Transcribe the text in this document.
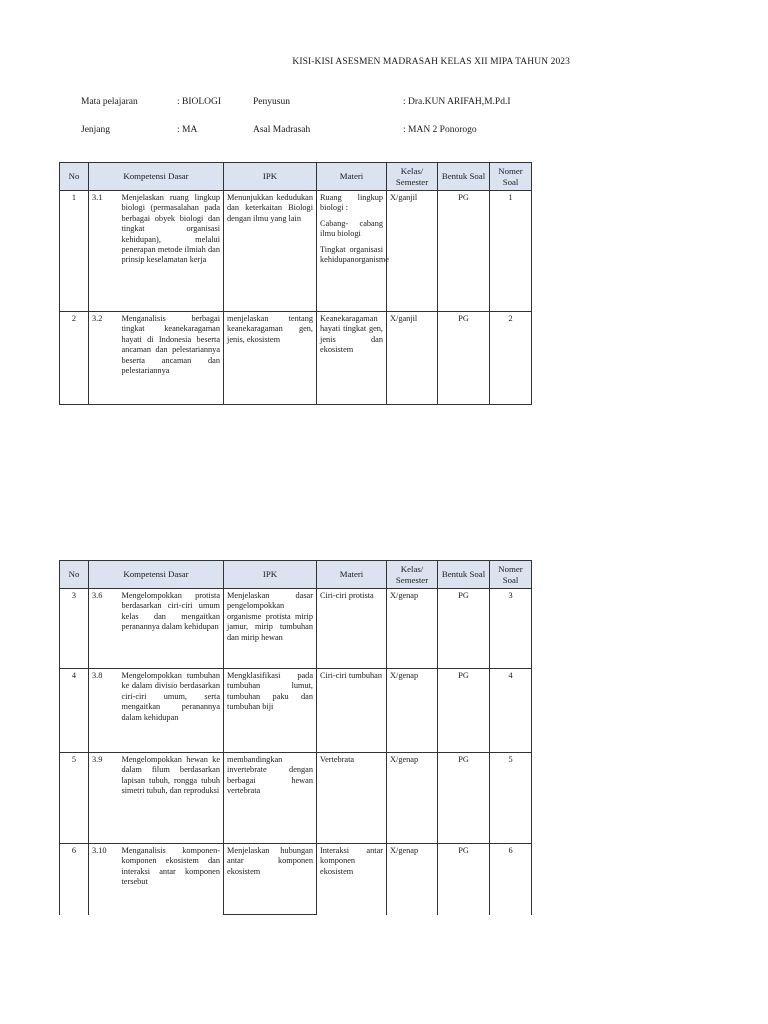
KISI-KISI ASESMEN MADRASAH KELAS XII MIPA TAHUN 2023
Mata pelajaran	: BIOLOGI	Penyusun	: Dra.KUN ARIFAH,M.Pd.I
Jenjang	: MA	Asal Madrasah	: MAN 2 Ponorogo
No	Kompetensi Dasar		IPK	Materi	Kelas/ Semester	Bentuk Soal	Nomer Soal
1	3.1	Menjelaskan ruang lingkup biologi (permasalahan pada berbagai obyek biologi dan tingkat organisasi kehidupan), melalui penerapan metode ilmiah dan prinsip keselamatan kerja	Menunjukkan kedudukan dan keterkaitan Biologi dengan ilmu yang lain	Ruang lingkup biologi :
Cabang- cabang ilmu biologi
Tingkat organisasi kehidupanorganisme	X/ganjil	PG	1
2	3.2	Menganalisis berbagai tingkat keanekaragaman hayati di Indonesia beserta ancaman dan pelestariannya beserta ancaman dan pelestariannya	menjelaskan tentang keanekaragaman gen, jenis, ekosistem	Keanekaragaman hayati tingkat gen, jenis dan ekosistem	X/ganjil	PG	2
No	Kompetensi Dasar		IPK	Materi	Kelas/ Semester	Bentuk Soal	Nomer Soal
3	3.6	Mengelompokkan protista berdasarkan ciri-ciri umum kelas dan mengaitkan peranannya dalam kehidupan	Menjelaskan dasar pengelompokkan organisme protista mirip jamur, mirip tumbuhan dan mirip hewan	Ciri-ciri protista	X/genap	PG	3
4	3.8	Mengelompokkan tumbuhan ke dalam divisio berdasarkan ciri-ciri umum, serta mengaitkan peranannya dalam kehidupan	Mengklasifikasi pada tumbuhan lumut, tumbuhan paku dan tumbuhan biji	Ciri-ciri tumbuhan	X/genap	PG	4
5	3.9	Mengelompokkan hewan ke dalam filum berdasarkan lapisan tubuh, rongga tubuh simetri tubuh, dan reproduksi	membandingkan invertebrate dengan berbagai hewan vertebrata	Vertebrata	X/genap	PG	5
6	3.10	Menganalisis komponen-komponen ekosistem dan interaksi antar komponen tersebut	Menjelaskan hubungan antar komponen ekosistem	Interaksi antar komponen ekosistem	X/genap	PG	6
